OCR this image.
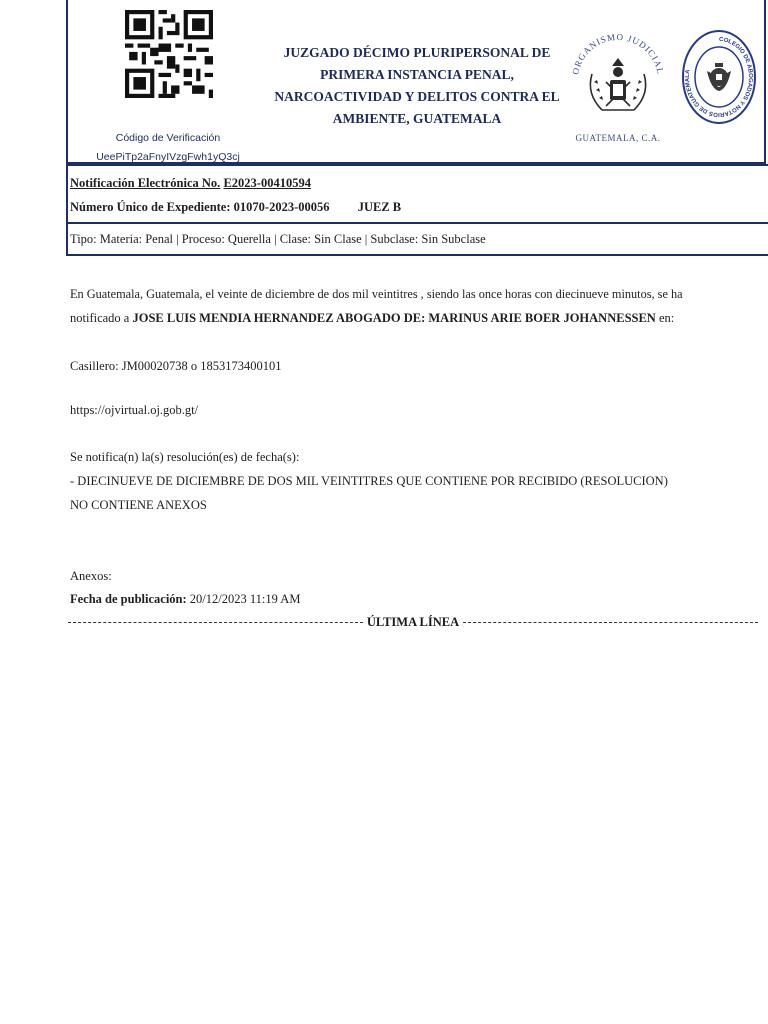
Código de Verificación
UeePiTp2aFnyIVzgFwh1yQ3cj
JUZGADO DÉCIMO PLURIPERSONAL DE
PRIMERA INSTANCIA PENAL,
NARCOACTIVIDAD Y DELITOS CONTRA EL
AMBIENTE, GUATEMALA
ORGANISMO JUDICIAL
GUATEMALA, C.A.
COLEGIO DE ABOGADOS Y NOTARIOS DE GUATEMALA
Notificación Electrónica No. E2023-00410594
Número Único de Expediente: 01070-2023-00056 JUEZ B
Tipo: Materia: Penal | Proceso: Querella | Clase: Sin Clase | Subclase: Sin Subclase
En Guatemala, Guatemala, el veinte de diciembre de dos mil veintitres , siendo las once horas con diecinueve minutos, se ha
notificado a JOSE LUIS MENDIA HERNANDEZ ABOGADO DE: MARINUS ARIE BOER JOHANNESSEN en:
Casillero: JM00020738 o 1853173400101
https://ojvirtual.oj.gob.gt/
Se notifica(n) la(s) resolución(es) de fecha(s):
- DIECINUEVE DE DICIEMBRE DE DOS MIL VEINTITRES QUE CONTIENE POR RECIBIDO (RESOLUCION)
NO CONTIENE ANEXOS
Anexos:
Fecha de publicación: 20/12/2023 11:19 AM
ÚLTIMA LÍNEA
